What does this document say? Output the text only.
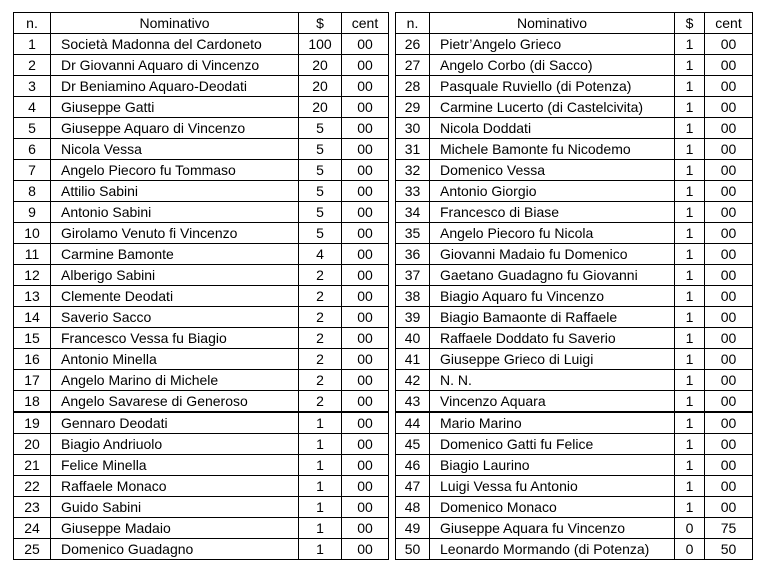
n.	Nominativo	$	cent
1	Società Madonna del Cardoneto	100	00
2	Dr Giovanni Aquaro di Vincenzo	20	00
3	Dr Beniamino Aquaro-Deodati	20	00
4	Giuseppe Gatti	20	00
5	Giuseppe Aquaro di Vincenzo	5	00
6	Nicola Vessa	5	00
7	Angelo Piecoro fu Tommaso	5	00
8	Attilio Sabini	5	00
9	Antonio Sabini	5	00
10	Girolamo Venuto fi Vincenzo	5	00
11	Carmine Bamonte	4	00
12	Alberigo Sabini	2	00
13	Clemente Deodati	2	00
14	Saverio Sacco	2	00
15	Francesco Vessa fu Biagio	2	00
16	Antonio Minella	2	00
17	Angelo Marino di Michele	2	00
18	Angelo Savarese di Generoso	2	00
19	Gennaro Deodati	1	00
20	Biagio Andriuolo	1	00
21	Felice Minella	1	00
22	Raffaele Monaco	1	00
23	Guido Sabini	1	00
24	Giuseppe Madaio	1	00
25	Domenico Guadagno	1	00
n.	Nominativo	$	cent
26	Pietr’Angelo Grieco	1	00
27	Angelo Corbo (di Sacco)	1	00
28	Pasquale Ruviello (di Potenza)	1	00
29	Carmine Lucerto (di Castelcivita)	1	00
30	Nicola Doddati	1	00
31	Michele Bamonte fu Nicodemo	1	00
32	Domenico Vessa	1	00
33	Antonio Giorgio	1	00
34	Francesco di Biase	1	00
35	Angelo Piecoro fu Nicola	1	00
36	Giovanni Madaio fu Domenico	1	00
37	Gaetano Guadagno fu Giovanni	1	00
38	Biagio Aquaro fu Vincenzo	1	00
39	Biagio Bamaonte di Raffaele	1	00
40	Raffaele Doddato fu Saverio	1	00
41	Giuseppe Grieco di Luigi	1	00
42	N. N.	1	00
43	Vincenzo Aquara	1	00
44	Mario Marino	1	00
45	Domenico Gatti fu Felice	1	00
46	Biagio Laurino	1	00
47	Luigi Vessa fu Antonio	1	00
48	Domenico Monaco	1	00
49	Giuseppe Aquara fu Vincenzo	0	75
50	Leonardo Mormando (di Potenza)	0	50
